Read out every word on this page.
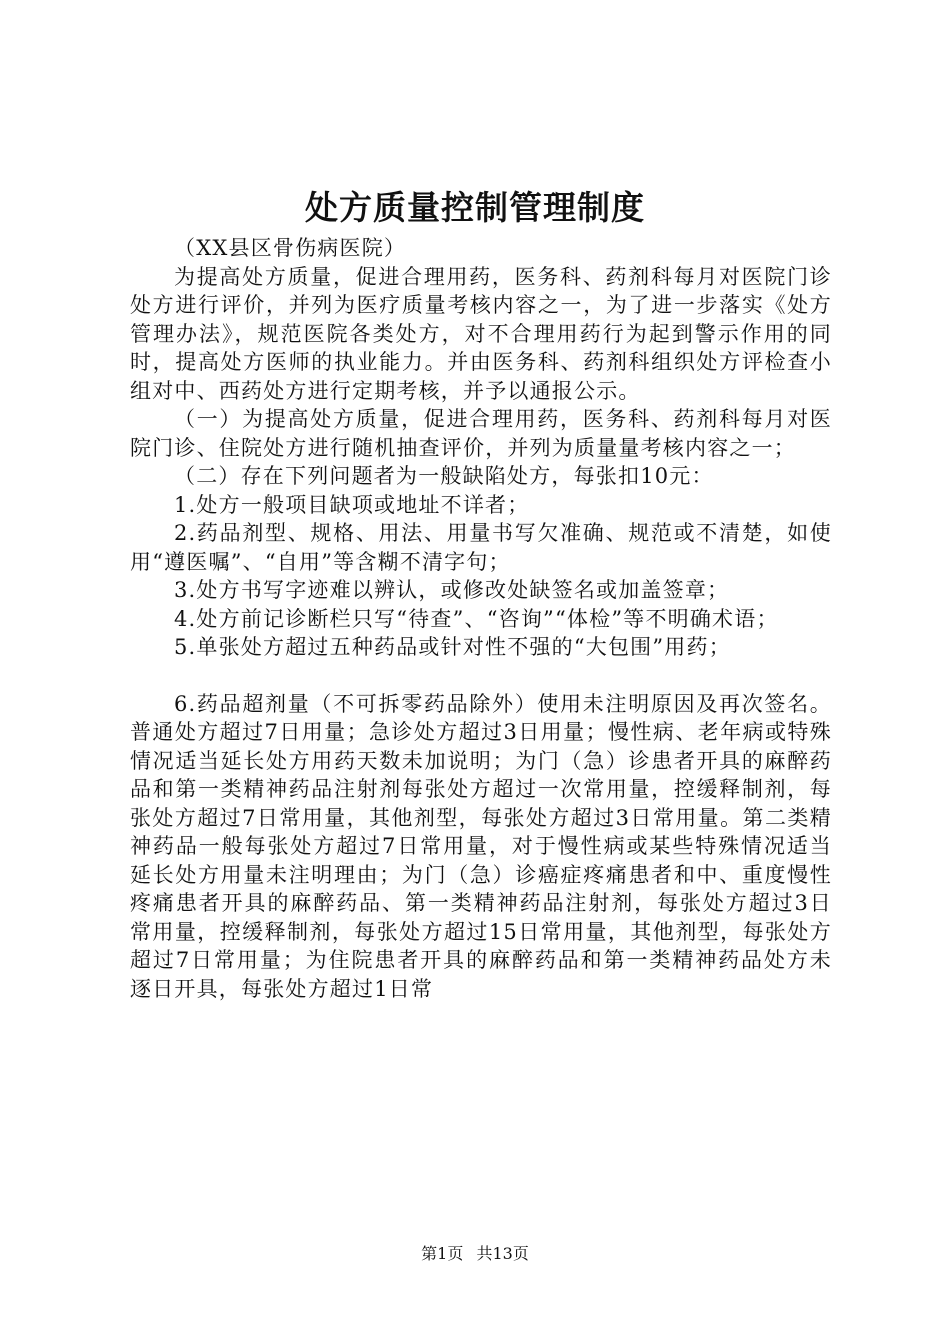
处方质量控制管理制度

（XX县区骨伤病医院）

为提高处方质量，促进合理用药，医务科、药剂科每月对医院门诊处方进行评价，并列为医疗质量考核内容之一，为了进一步落实《处方管理办法》，规范医院各类处方，对不合理用药行为起到警示作用的同时，提高处方医师的执业能力。并由医务科、药剂科组织处方评检查小组对中、西药处方进行定期考核，并予以通报公示。

（一）为提高处方质量，促进合理用药，医务科、药剂科每月对医院门诊、住院处方进行随机抽查评价，并列为质量量考核内容之一；

（二）存在下列问题者为一般缺陷处方，每张扣10元：

1.处方一般项目缺项或地址不详者；

2.药品剂型、规格、用法、用量书写欠准确、规范或不清楚，如使用“遵医嘱”、“自用”等含糊不清字句；

3.处方书写字迹难以辨认，或修改处缺签名或加盖签章；

4.处方前记诊断栏只写“待查”、“咨询”“体检”等不明确术语；

5.单张处方超过五种药品或针对性不强的“大包围”用药；

6.药品超剂量（不可拆零药品除外）使用未注明原因及再次签名。普通处方超过7日用量；急诊处方超过3日用量；慢性病、老年病或特殊情况适当延长处方用药天数未加说明；为门（急）诊患者开具的麻醉药品和第一类精神药品注射剂每张处方超过一次常用量，控缓释制剂，每张处方超过7日常用量，其他剂型，每张处方超过3日常用量。第二类精神药品一般每张处方超过7日常用量，对于慢性病或某些特殊情况适当延长处方用量未注明理由；为门（急）诊癌症疼痛患者和中、重度慢性疼痛患者开具的麻醉药品、第一类精神药品注射剂，每张处方超过3日常用量，控缓释制剂，每张处方超过15日常用量，其他剂型，每张处方超过7日常用量；为住院患者开具的麻醉药品和第一类精神药品处方未逐日开具，每张处方超过1日常

第1页 共13页
